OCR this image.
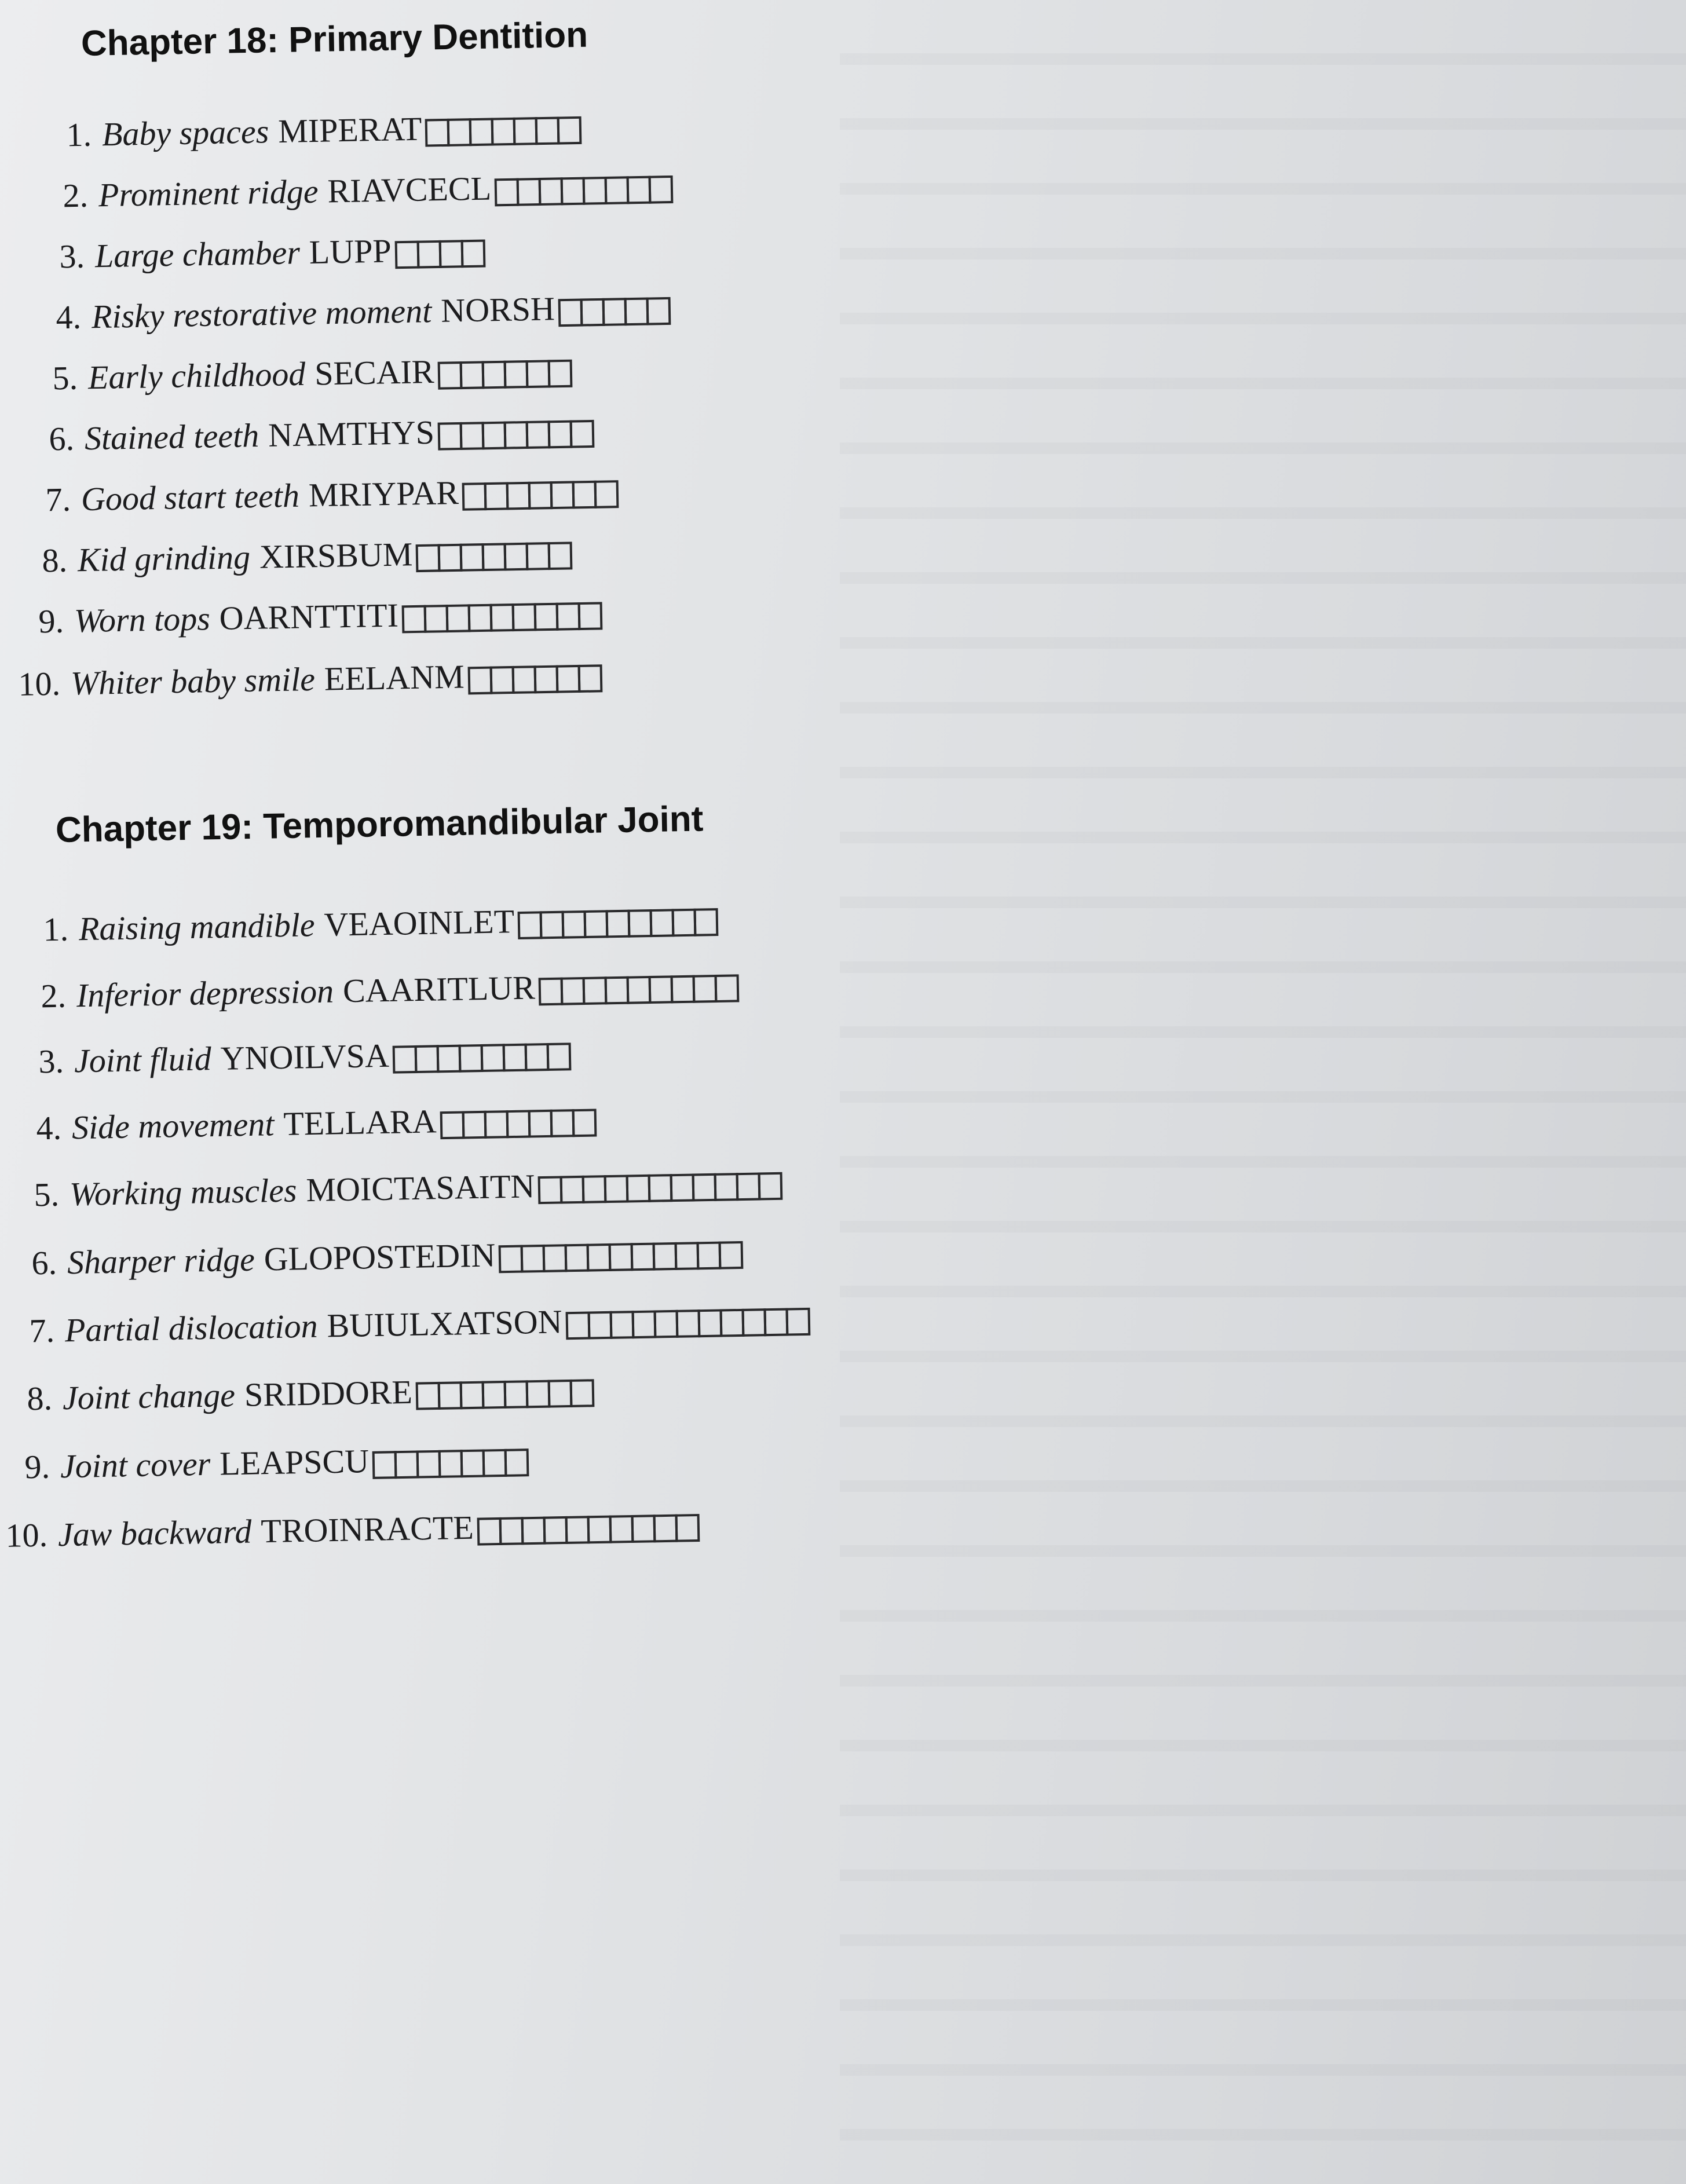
Chapter 18: Primary Dentition
Chapter 19: Temporomandibular Joint
1. Baby spaces MIPERAT
2. Prominent ridge RIAVCECL
3. Large chamber LUPP
4. Risky restorative moment NORSH
5. Early childhood SECAIR
6. Stained teeth NAMTHYS
7. Good start teeth MRIYPAR
8. Kid grinding XIRSBUM
9. Worn tops OARNTTITI
10. Whiter baby smile EELANM
1. Raising mandible VEAOINLET
2. Inferior depression CAARITLUR
3. Joint fluid YNOILVSA
4. Side movement TELLARA
5. Working muscles MOICTASAITN
6. Sharper ridge GLOPOSTEDIN
7. Partial dislocation BUIULXATSON
8. Joint change SRIDDORE
9. Joint cover LEAPSCU
10. Jaw backward TROINRACTE
